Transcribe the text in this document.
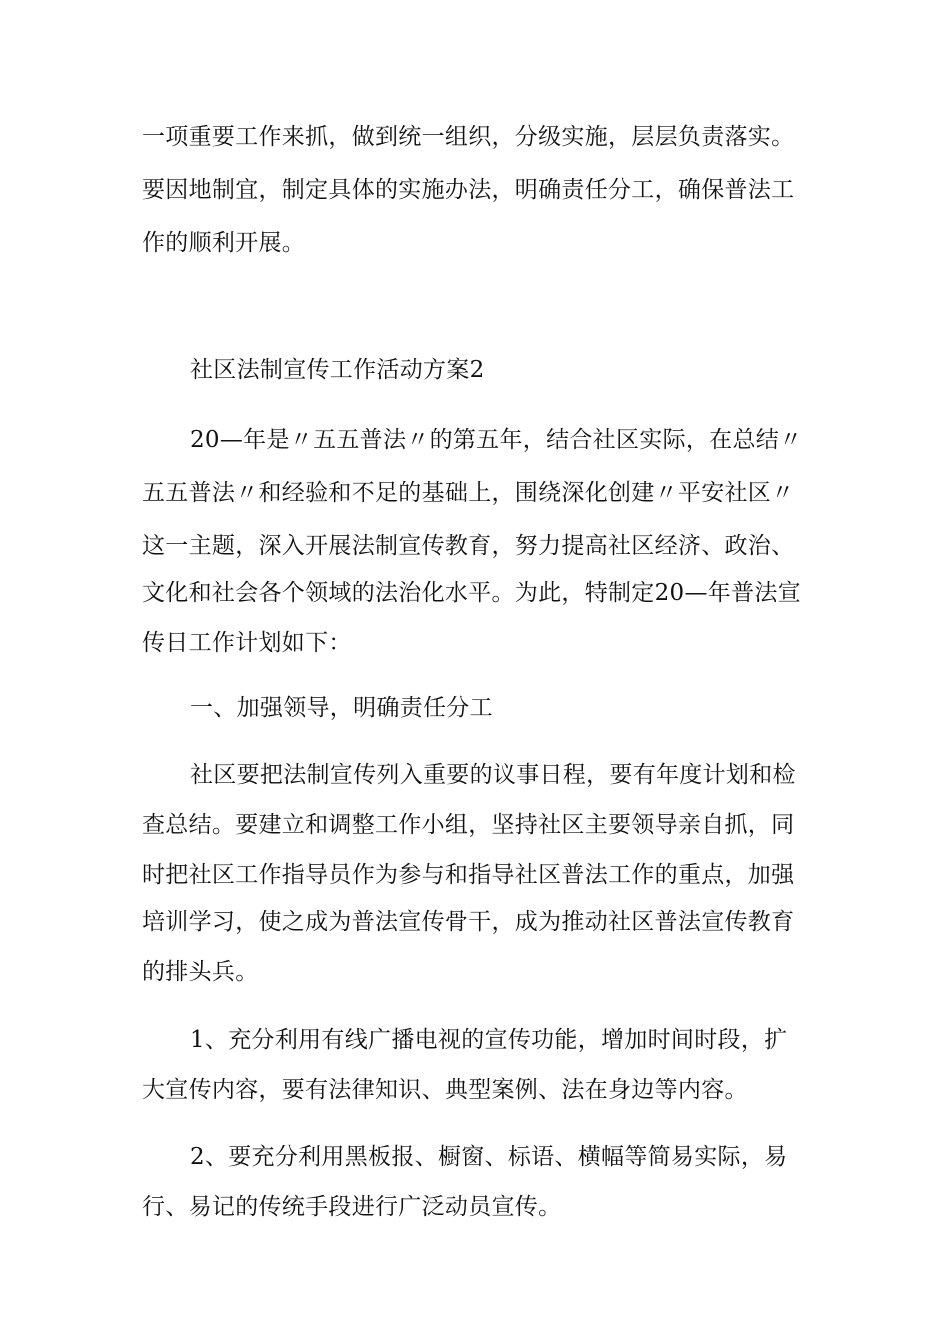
一项重要工作来抓，做到统一组织，分级实施，层层负责落实。
要因地制宜，制定具体的实施办法，明确责任分工，确保普法工
作的顺利开展。
社区法制宣传工作活动方案2
20—年是〃五五普法〃的第五年，结合社区实际，在总结〃
五五普法〃和经验和不足的基础上，围绕深化创建〃平安社区〃
这一主题，深入开展法制宣传教育，努力提高社区经济、政治、
文化和社会各个领域的法治化水平。为此，特制定20—年普法宣
传日工作计划如下：
一、加强领导，明确责任分工
社区要把法制宣传列入重要的议事日程，要有年度计划和检
查总结。要建立和调整工作小组，坚持社区主要领导亲自抓，同
时把社区工作指导员作为参与和指导社区普法工作的重点，加强
培训学习，使之成为普法宣传骨干，成为推动社区普法宣传教育
的排头兵。
1、充分利用有线广播电视的宣传功能，增加时间时段，扩
大宣传内容，要有法律知识、典型案例、法在身边等内容。
2、要充分利用黑板报、橱窗、标语、横幅等简易实际，易
行、易记的传统手段进行广泛动员宣传。
